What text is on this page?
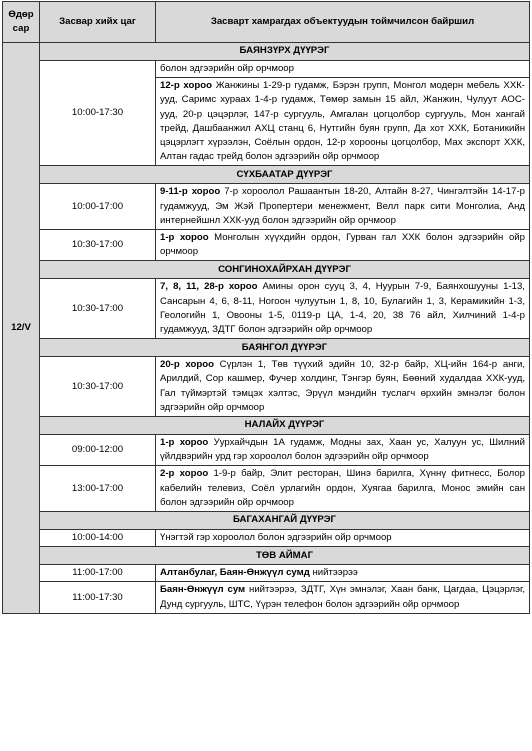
Өдөр сар	Засвар хийх цаг	Засварт хамрагдах объектуудын тоймчилсон байршил
12/V	БАЯНЗҮРХ ДҮҮРЭГ	
	10:00-17:30	болон эдгээрийн ойр орчмоор
		12-р хороо Жанжины 1-29-р гудамж, Бэрэн групп, Монгол модерн мебель ХХК-ууд, Саримс хураах 1-4-р гудамж, Төмөр замын 15 айл, Жанжин, Чулуут АОС-ууд, 20-р цэцэрлэг, 147-р сургууль, Амгалан цогцолбор сургууль, Мон хангай трейд, Дашбаанжил АХЦ станц 6, Нутгийн буян групп, Да хот ХХК, Ботаникийн цэцэрлэгт хүрээлэн, Соёлын ордон, 12-р хорооны цогцолбор, Мах экспорт ХХК, Алтан гадас трейд болон эдгээрийн ойр орчмоор
	СҮХБААТАР ДҮҮРЭГ	
	10:00-17:00	9-11-р хороо 7-р хороолол Рашаантын 18-20, Алтайн 8-27, Чингэлтэйн 14-17-р гудамжууд, Эм Жэй Пропертери менежмент, Велл парк сити Монголиа, Анд интернейшнл ХХК-ууд болон эдгээрийн ойр орчмоор
	10:30-17:00	1-р хороо Монголын хүүхдийн ордон, Гурван гал ХХК болон эдгээрийн ойр орчмоор
	СОНГИНОХАЙРХАН ДҮҮРЭГ	
	10:30-17:00	7, 8, 11, 28-р хороо Амины орон сууц 3, 4, Нуурын 7-9, Баянхошууны 1-13, Сансарын 4, 6, 8-11, Ногоон чулуутын 1, 8, 10, Булагийн 1, 3, Керамикийн 1-3, Геологийн 1, Овооны 1-5, 0119-р ЦА, 1-4, 20, 38 76 айл, Хилчиний 1-4-р гудамжууд, ЗДТГ болон эдгээрийн ойр орчмоор
	БАЯНГОЛ ДҮҮРЭГ	
	10:30-17:00	20-р хороо Сүрлэн 1, Төв түүхий эдийн 10, 32-р байр, ХЦ-ийн 164-р анги, Арилдий, Сор кашмер, Фучер холдинг, Тэнгэр буян, Бөөний худалдаа ХХК-ууд, Гал түймэртэй тэмцэх хэлтэс, Эрүүл мэндийн туслагч өрхийн эмнэлэг болон эдгээрийн ойр орчмоор
	НАЛАЙХ ДҮҮРЭГ	
	09:00-12:00	1-р хороо Уурхайчдын 1А гудамж, Модны зах, Хаан ус, Халуун ус, Шилний үйлдвэрийн урд гэр хороолол болон эдгээрийн ойр орчмоор
	13:00-17:00	2-р хороо 1-9-р байр, Элит ресторан, Шинэ барилга, Хүннү фитнесс, Болор кабелийн телевиз, Соёл урлагийн ордон, Хуягаа барилга, Монос эмийн сан болон эдгээрийн ойр орчмоор
	БАГАХАНГАЙ ДҮҮРЭГ	
	10:00-14:00	Үнэгтэй гэр хороолол болон эдгээрийн ойр орчмоор
	ТӨВ АЙМАГ	
	11:00-17:00	Алтанбулаг, Баян-Өнжүүл сумд нийтээрээ
	11:00-17:30	Баян-Өнжүүл сум нийтээрээ, ЗДТГ, Хүн эмнэлэг, Хаан банк, Цагдаа, Цэцэрлэг, Дунд сургууль, ШТС, Үүрэн телефон болон эдгээрийн ойр орчмоор
